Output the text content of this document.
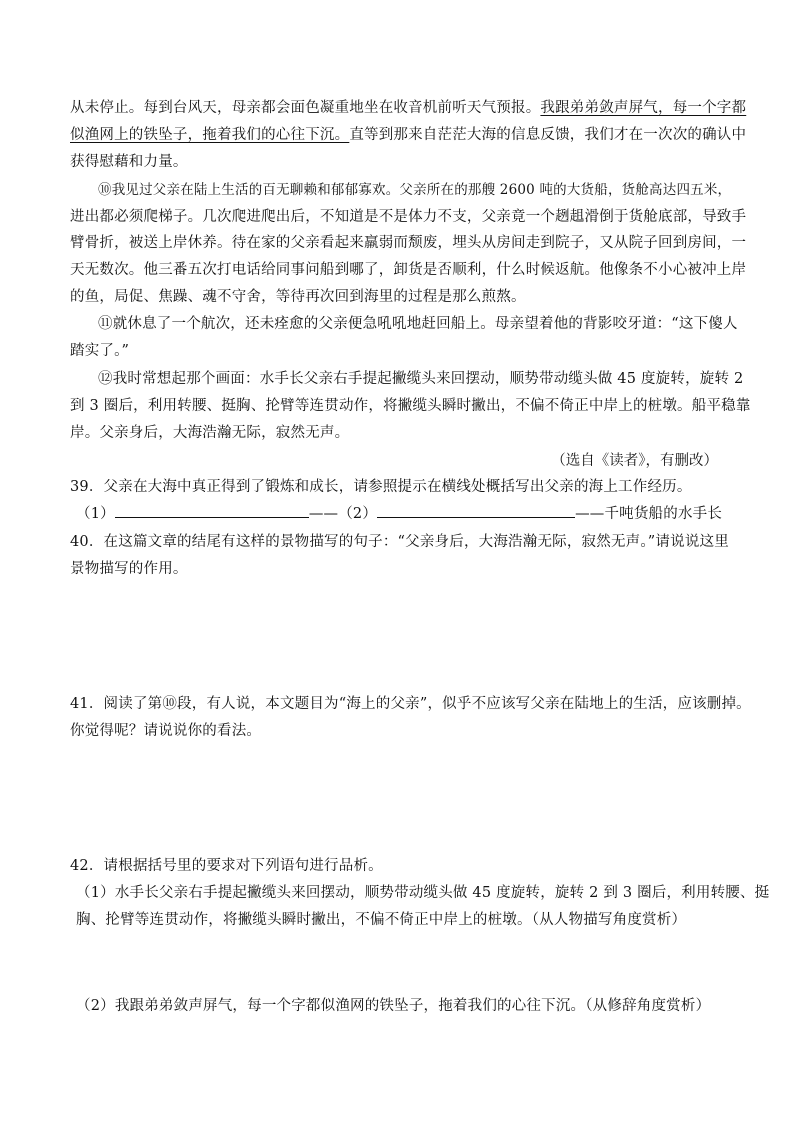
从未停止。每到台风天，母亲都会面色凝重地坐在收音机前听天气预报。我跟弟弟敛声屏气，每一个字都
似渔网上的铁坠子，拖着我们的心往下沉。直等到那来自茫茫大海的信息反馈，我们才在一次次的确认中
获得慰藉和力量。
⑩我见过父亲在陆上生活的百无聊赖和郁郁寡欢。父亲所在的那艘 2600 吨的大货船，货舱高达四五米，
进出都必须爬梯子。几次爬进爬出后，不知道是不是体力不支，父亲竟一个趔趄滑倒于货舱底部，导致手
臂骨折，被送上岸休养。待在家的父亲看起来羸弱而颓废，埋头从房间走到院子，又从院子回到房间，一
天无数次。他三番五次打电话给同事问船到哪了，卸货是否顺利，什么时候返航。他像条不小心被冲上岸
的鱼，局促、焦躁、魂不守舍，等待再次回到海里的过程是那么煎熬。
⑪就休息了一个航次，还未痊愈的父亲便急吼吼地赶回船上。母亲望着他的背影咬牙道：“这下傻人
踏实了。”
⑫我时常想起那个画面：水手长父亲右手提起撇缆头来回摆动，顺势带动缆头做 45 度旋转，旋转 2
到 3 圈后，利用转腰、挺胸、抡臂等连贯动作，将撇缆头瞬时撇出，不偏不倚正中岸上的桩墩。船平稳靠
岸。父亲身后，大海浩瀚无际，寂然无声。
（选自《读者》，有删改）
39．父亲在大海中真正得到了锻炼和成长，请参照提示在横线处概括写出父亲的海上工作经历。
（1）	——（2）	——千吨货船的水手长
40．在这篇文章的结尾有这样的景物描写的句子：“父亲身后，大海浩瀚无际，寂然无声。”请说说这里
景物描写的作用。
41．阅读了第⑩段，有人说，本文题目为“海上的父亲”，似乎不应该写父亲在陆地上的生活，应该删掉。
你觉得呢？请说说你的看法。
42．请根据括号里的要求对下列语句进行品析。
（1）水手长父亲右手提起撇缆头来回摆动，顺势带动缆头做 45 度旋转，旋转 2 到 3 圈后，利用转腰、挺
胸、抡臂等连贯动作，将撇缆头瞬时撇出，不偏不倚正中岸上的桩墩。（从人物描写角度赏析）
（2）我跟弟弟敛声屏气，每一个字都似渔网的铁坠子，拖着我们的心往下沉。（从修辞角度赏析）
